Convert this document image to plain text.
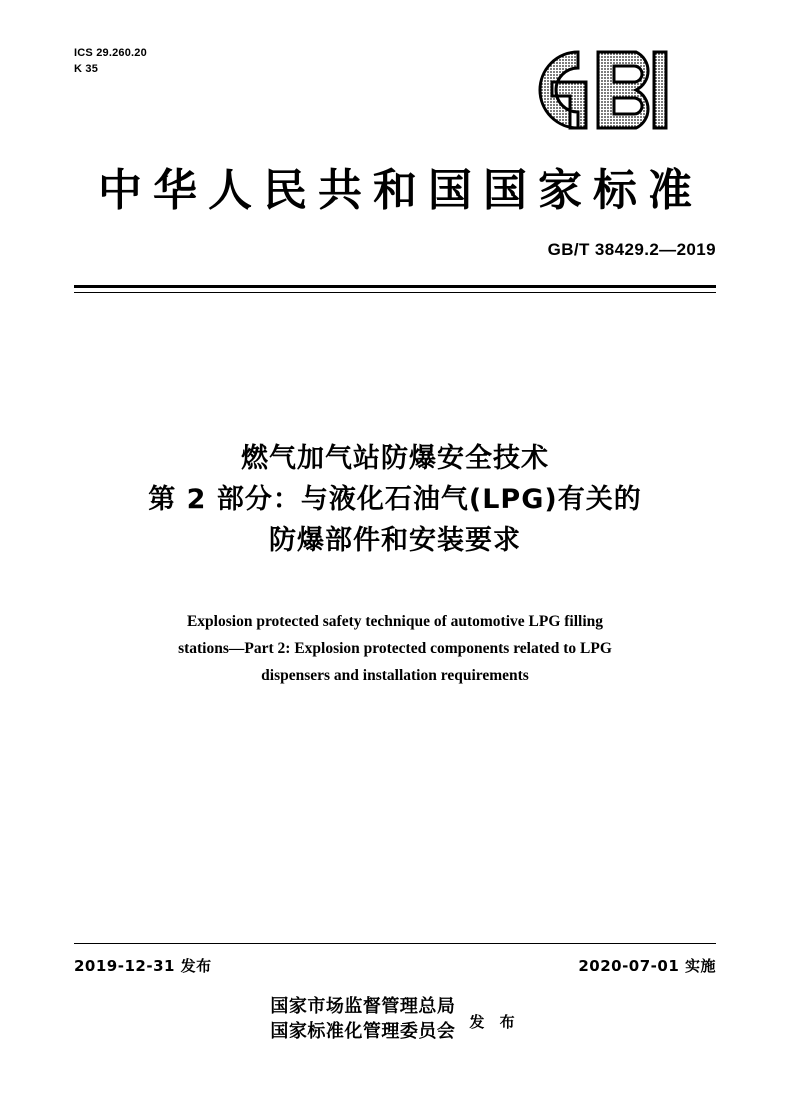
ICS 29.260.20
K 35
中华人民共和国国家标准
GB/T 38429.2—2019
燃气加气站防爆安全技术
第 2 部分：与液化石油气(LPG)有关的
防爆部件和安装要求
Explosion protected safety technique of automotive LPG filling
stations—Part 2: Explosion protected components related to LPG
dispensers and installation requirements
2019-12-31 发布	2020-07-01 实施
国家市场监督管理总局
国家标准化管理委员会 发 布
